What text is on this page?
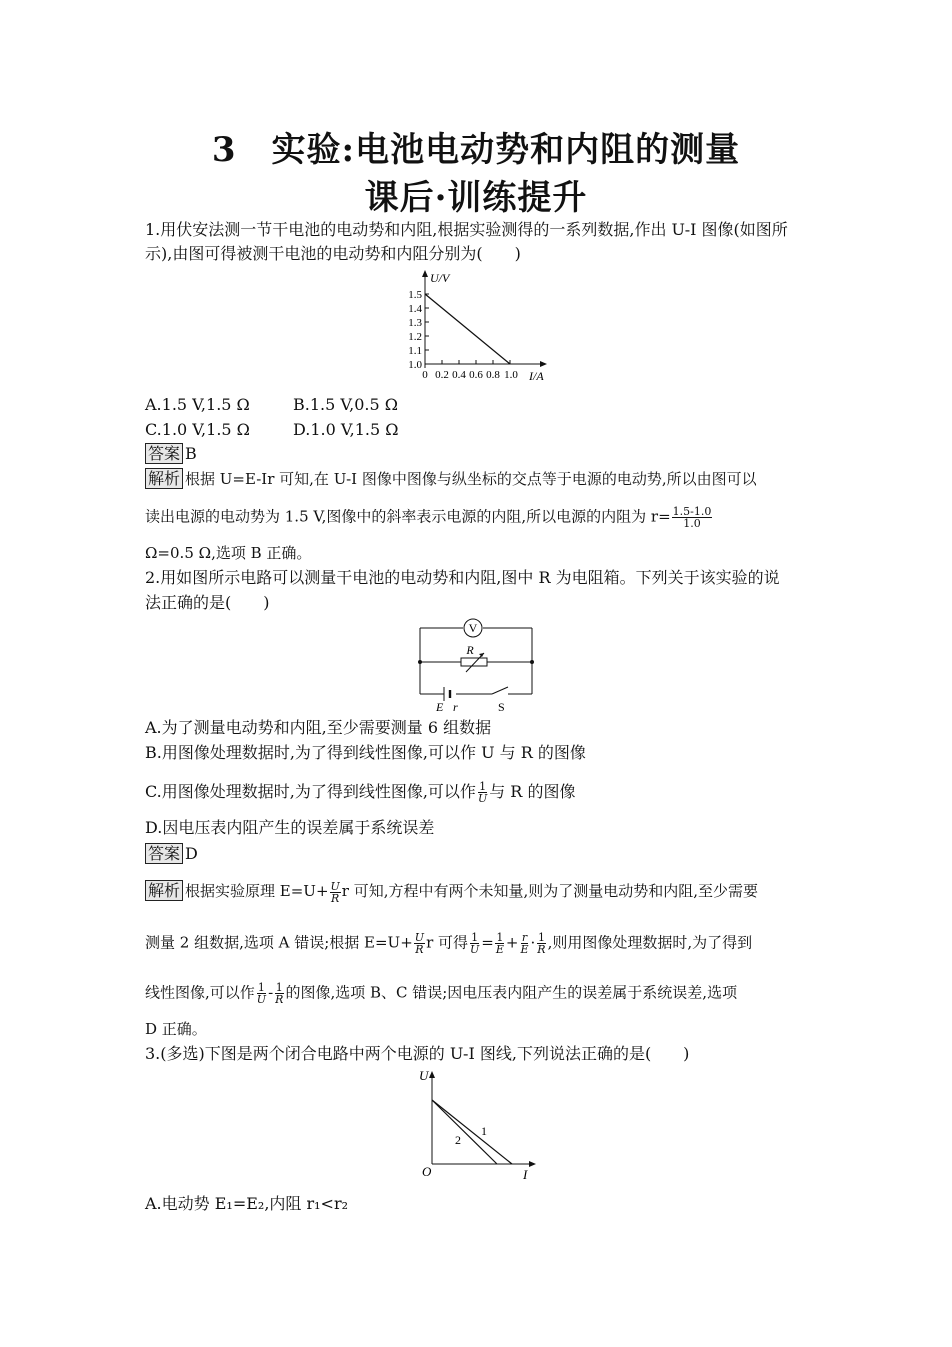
3　实验:电池电动势和内阻的测量
课后·训练提升
1.用伏安法测一节干电池的电动势和内阻,根据实验测得的一系列数据,作出 U-I 图像(如图所
示),由图可得被测干电池的电动势和内阻分别为(　　)
U/V
1.5
1.4
1.3
1.2
1.1
1.0
0 0.2 0.4 0.6 0.8 1.0 I/A
A.1.5 V,1.5 Ω	B.1.5 V,0.5 Ω
C.1.0 V,1.5 Ω	D.1.0 V,1.5 Ω
答案 B
解析 根据 U=E-Ir 可知,在 U-I 图像中图像与纵坐标的交点等于电源的电动势,所以由图可以
读出电源的电动势为 1.5 V,图像中的斜率表示电源的内阻,所以电源的内阻为 $r= \frac{1.5-1.0}{1.0}$
Ω=0.5 Ω,选项 B 正确。
2.用如图所示电路可以测量干电池的电动势和内阻,图中 R 为电阻箱。下列关于该实验的说
法正确的是(　　)
V
R
E r	S
A.为了测量电动势和内阻,至少需要测量 6 组数据
B.用图像处理数据时,为了得到线性图像,可以作 U 与 R 的图像
C.用图像处理数据时,为了得到线性图像,可以作 $\frac{1}{U}$ 与 R 的图像
D.因电压表内阻产生的误差属于系统误差
答案 D
解析 根据实验原理 $E=U+ \frac{U}{R}$ r 可知,方程中有两个未知量,则为了测量电动势和内阻,至少需要
测量 2 组数据,选项 A 错误;根据 $E=U+ \frac{U}{R}$ r 可得 $\frac{1}{U} = \frac{1}{E} + \frac{r}{E} \cdot \frac{1}{R}$ ,则用图像处理数据时,为了得到
线性图像,可以作 $\frac{1}{U} - \frac{1}{R}$ 的图像,选项 B、C 错误;因电压表内阻产生的误差属于系统误差,选项
D 正确。
3.(多选)下图是两个闭合电路中两个电源的 U-I 图线,下列说法正确的是(　　)
U
O	I
1
2
A.电动势 E₁=E₂,内阻 r₁<r₂
